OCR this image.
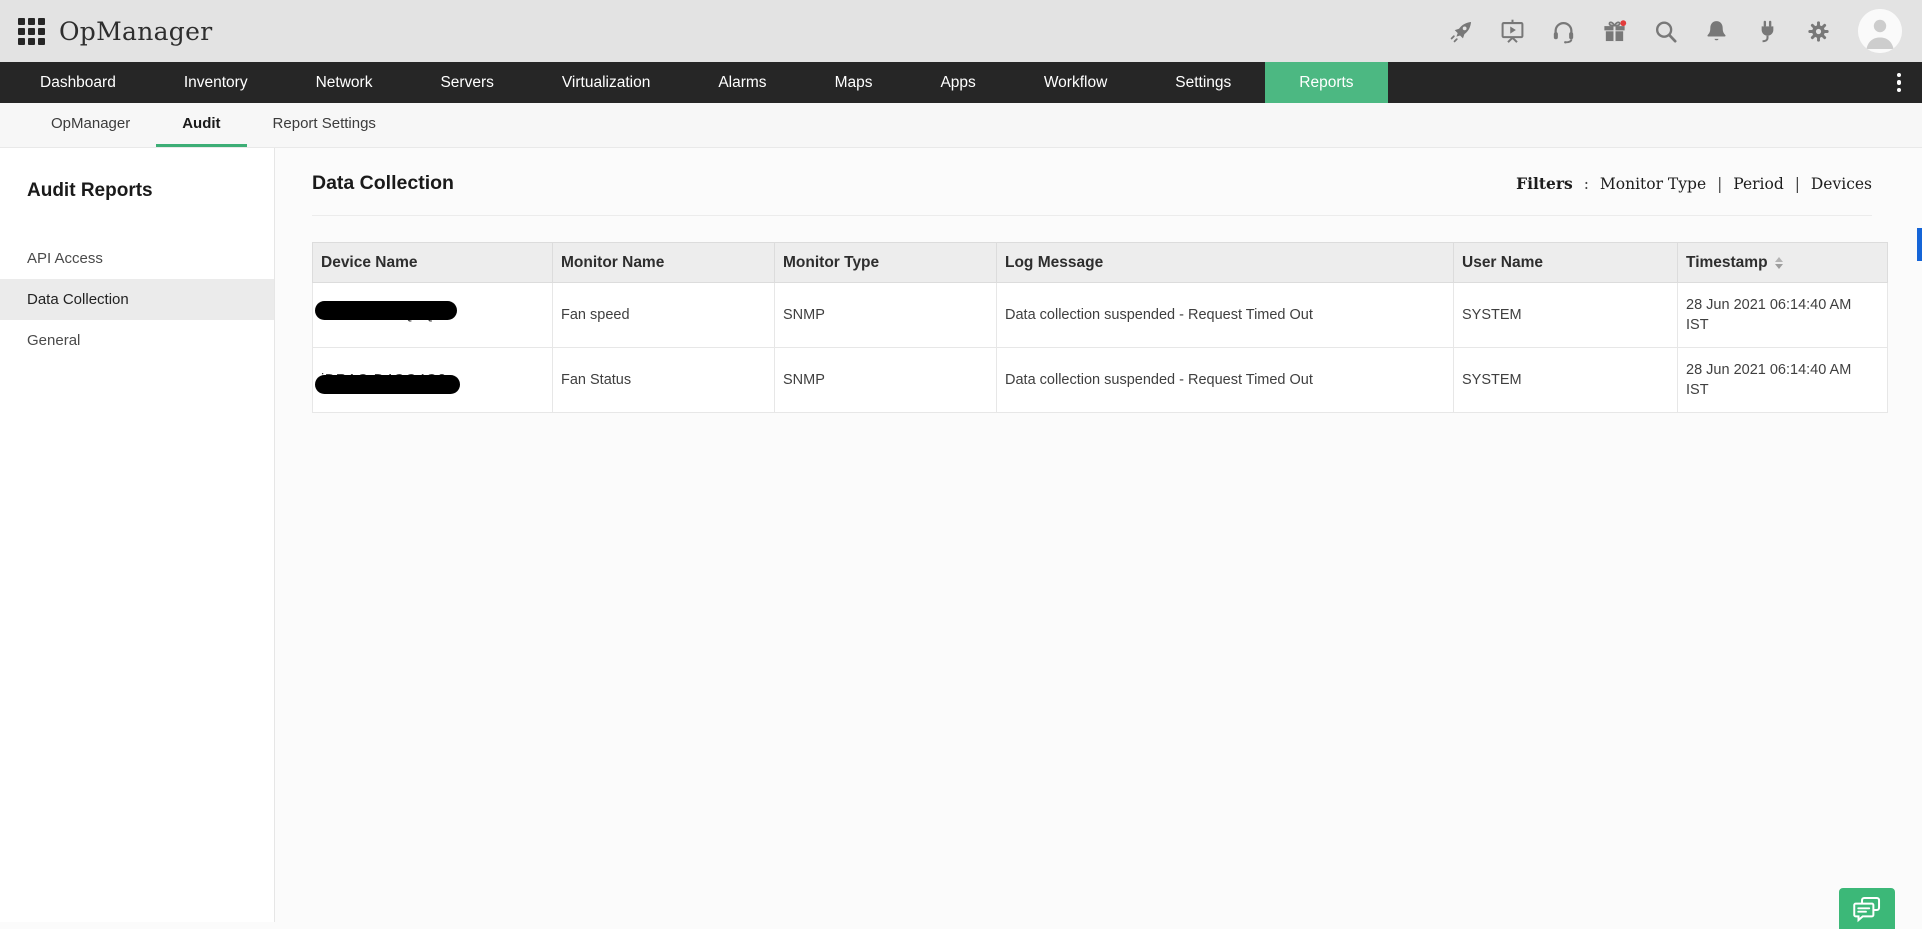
OpManager
Dashboard	Inventory	Network	Servers	Virtualization	Alarms	Maps	Apps	Workflow	Settings	Reports
OpManager	Audit	Report Settings
Audit Reports
API Access
Data Collection
General
Data Collection	Filters : Monitor Type | Period | Devices
Device Name	Monitor Name	Monitor Type	Log Message	User Name	Timestamp

	Fan speed	SNMP	Data collection suspended - Request Timed Out	SYSTEM	28 Jun 2021 06:14:40 AM IST

	Fan Status	SNMP	Data collection suspended - Request Timed Out	SYSTEM	28 Jun 2021 06:14:40 AM IST
